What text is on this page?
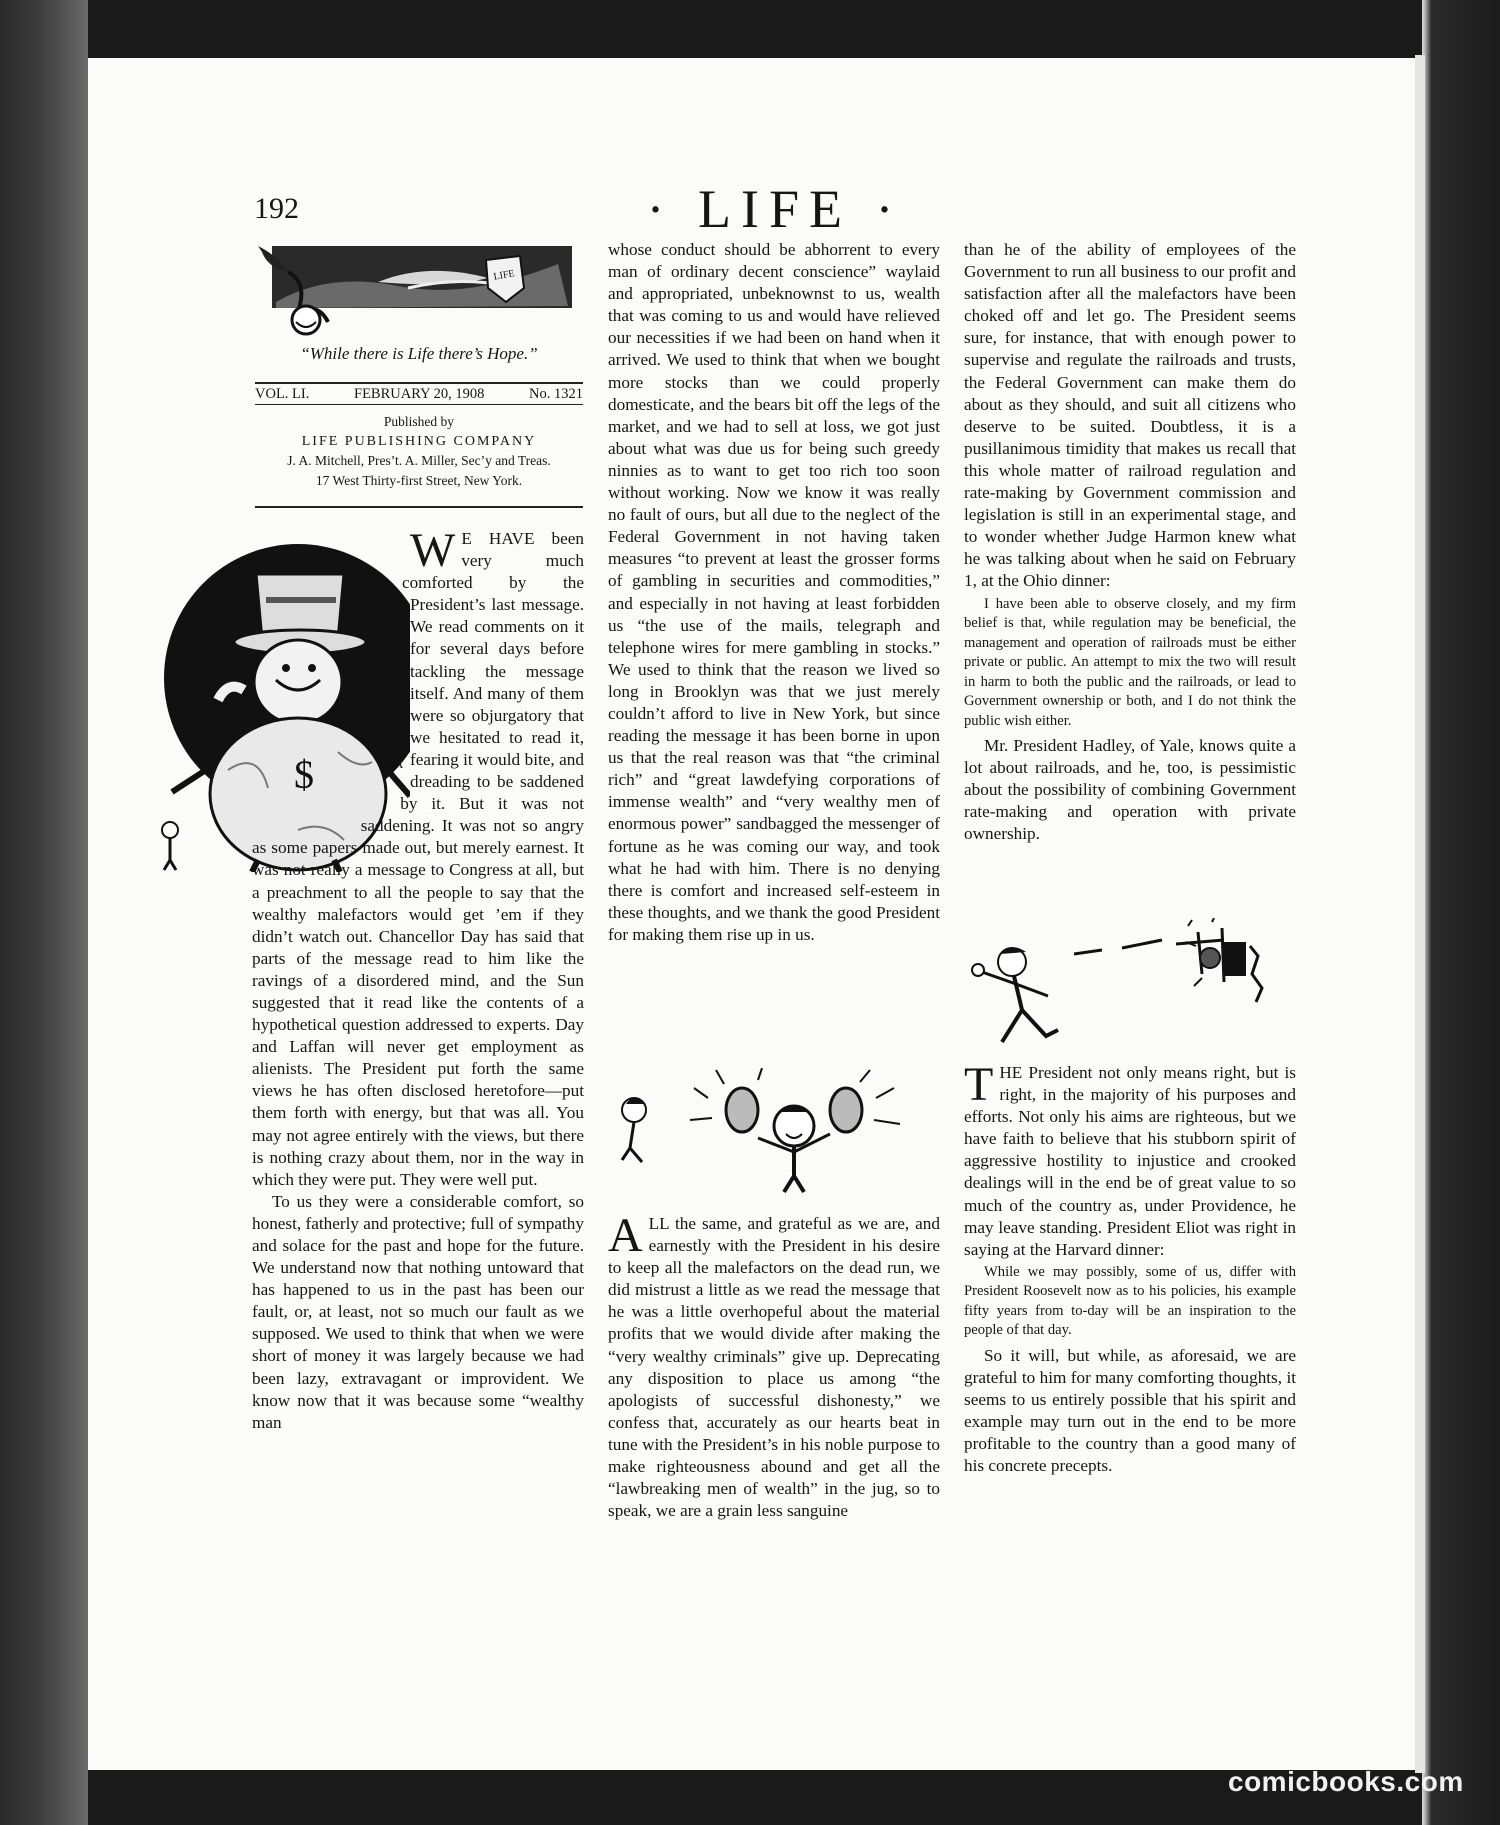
192	· LIFE ·
LIFE
“While there is Life there’s Hope.”
VOL. LI.	FEBRUARY 20, 1908	No. 1321
Published by
LIFE PUBLISHING COMPANY
J. A. Mitchell, Pres’t. A. Miller, Sec’y and Treas.
17 West Thirty-first Street, New York.
$	MA

W E HAVE been very much comforted by the President’s last message. We read comments on it for several days before tackling the message itself. And many of them were so objurgatory that we hesitated to read it, fearing it would bite, and dreading to be saddened by it. But it was not saddening. It was not so angry as some papers made out, but merely earnest. It was not really a message to Congress at all, but a preachment to all the people to say that the wealthy malefactors would get ’em if they didn’t watch out. Chancellor Day has said that parts of the message read to him like the ravings of a disordered mind, and the Sun suggested that it read like the contents of a hypothetical question addressed to experts. Day and Laffan will never get employment as alienists. The President put forth the same views he has often disclosed heretofore—put them forth with energy, but that was all. You may not agree entirely with the views, but there is nothing crazy about them, nor in the way in which they were put. They were well put.

To us they were a considerable comfort, so honest, fatherly and protective; full of sympathy and solace for the past and hope for the future. We understand now that nothing untoward that has happened to us in the past has been our fault, or, at least, not so much our fault as we supposed. We used to think that when we were short of money it was largely because we had been lazy, extravagant or improvident. We know now that it was because some “wealthy man

whose conduct should be abhorrent to every man of ordinary decent conscience” waylaid and appropriated, unbeknownst to us, wealth that was coming to us and would have relieved our necessities if we had been on hand when it arrived. We used to think that when we bought more stocks than we could properly domesticate, and the bears bit off the legs of the market, and we had to sell at loss, we got just about what was due us for being such greedy ninnies as to want to get too rich too soon without working. Now we know it was really no fault of ours, but all due to the neglect of the Federal Government in not having taken measures “to prevent at least the grosser forms of gambling in securities and commodities,” and especially in not having at least forbidden us “the use of the mails, telegraph and telephone wires for mere gambling in stocks.” We used to think that the reason we lived so long in Brooklyn was that we just merely couldn’t afford to live in New York, but since reading the message it has been borne in upon us that the real reason was that “the criminal rich” and “great lawdefying corporations of immense wealth” and “very wealthy men of enormous power” sandbagged the messenger of fortune as he was coming our way, and took what he had with him. There is no denying there is comfort and increased self-esteem in these thoughts, and we thank the good President for making them rise up in us.

ALL the same, and grateful as we are, and earnestly with the President in his desire to keep all the malefactors on the dead run, we did mistrust a little as we read the message that he was a little overhopeful about the material profits that we would divide after making the “very wealthy criminals” give up. Deprecating any disposition to place us among “the apologists of successful dishonesty,” we confess that, accurately as our hearts beat in tune with the President’s in his noble purpose to make righteousness abound and get all the “lawbreaking men of wealth” in the jug, so to speak, we are a grain less sanguine

than he of the ability of employees of the Government to run all business to our profit and satisfaction after all the malefactors have been choked off and let go. The President seems sure, for instance, that with enough power to supervise and regulate the railroads and trusts, the Federal Government can make them do about as they should, and suit all citizens who deserve to be suited. Doubtless, it is a pusillanimous timidity that makes us recall that this whole matter of railroad regulation and rate-making by Government commission and legislation is still in an experimental stage, and to wonder whether Judge Harmon knew what he was talking about when he said on February 1, at the Ohio dinner:

I have been able to observe closely, and my firm belief is that, while regulation may be beneficial, the management and operation of railroads must be either private or public. An attempt to mix the two will result in harm to both the public and the railroads, or lead to Government ownership or both, and I do not think the public wish either.

Mr. President Hadley, of Yale, knows quite a lot about railroads, and he, too, is pessimistic about the possibility of combining Government rate-making and operation with private ownership.

THE President not only means right, but is right, in the majority of his purposes and efforts. Not only his aims are righteous, but we have faith to believe that his stubborn spirit of aggressive hostility to injustice and crooked dealings will in the end be of great value to so much of the country as, under Providence, he may leave standing. President Eliot was right in saying at the Harvard dinner:

While we may possibly, some of us, differ with President Roosevelt now as to his policies, his example fifty years from to-day will be an inspiration to the people of that day.

So it will, but while, as aforesaid, we are grateful to him for many comforting thoughts, it seems to us entirely possible that his spirit and example may turn out in the end to be more profitable to the country than a good many of his concrete precepts.

comicbooks.com
